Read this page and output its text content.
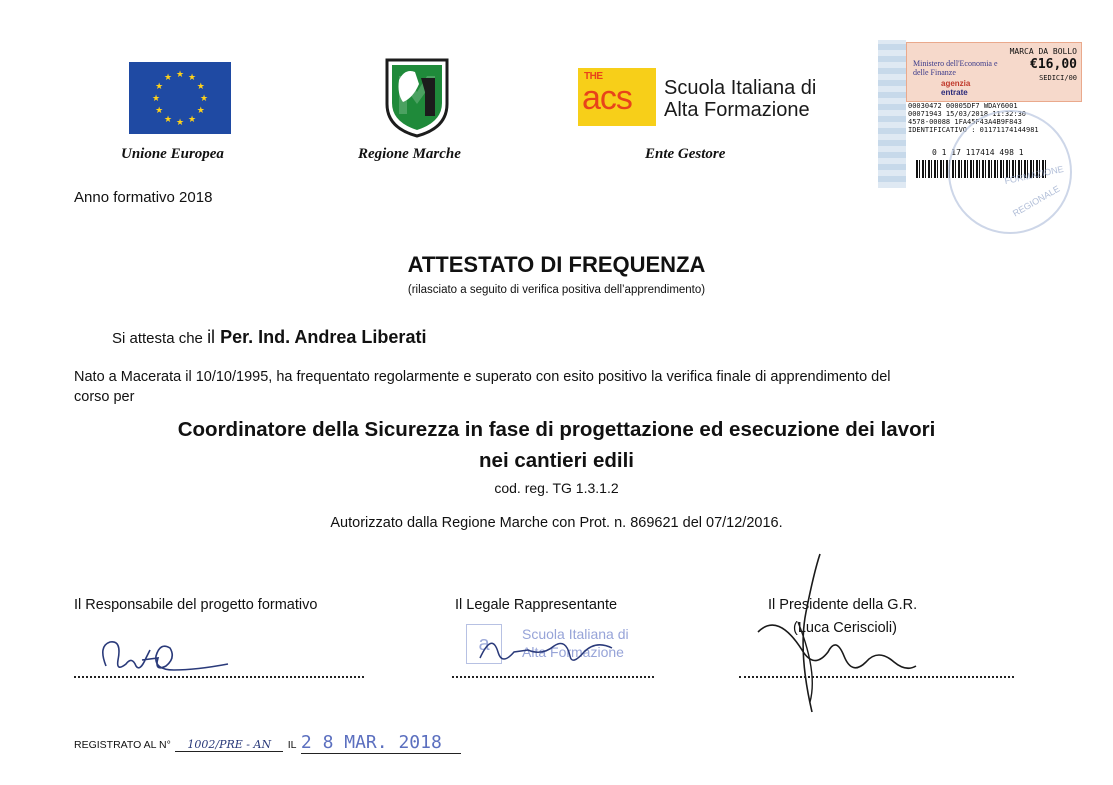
★ ★
★
★
★
★
★
★
★
★
★
★
Unione Europea	Regione Marche
THE
acs Scuola Italiana di
Alta Formazione
Ente Gestore
Ministero dell'Economia e delle Finanze
MARCA DA BOLLO
€16,00
SEDICI/00
agenzia
entrate
00030472 00005DF7 WDAY6001
00071943 15/03/2018 11:32:30
4578-00088 1FA45F43A4B9F843
IDENTIFICATIVO : 01171174144981
0 1 17 117414 498 1
FORMAZIONE
REGIONALE
Anno formativo 2018
ATTESTATO DI FREQUENZA
(rilasciato a seguito di verifica positiva dell’apprendimento)
Si attesta che il Per. Ind. Andrea Liberati
Nato a Macerata il 10/10/1995, ha frequentato regolarmente e superato con esito positivo la verifica finale di apprendimento del
corso per
Coordinatore della Sicurezza in fase di progettazione ed esecuzione dei lavori
nei cantieri edili
cod. reg. TG 1.3.1.2
Autorizzato dalla Regione Marche con Prot. n. 869621 del 07/12/2016.
Il Responsabile del progetto formativo	Il Legale Rappresentante	Il Presidente della G.R.
(Luca Ceriscioli)
a	Scuola Italiana di
Alta Formazione
REGISTRATO AL N° 1002/PRE - AN IL 2 8 MAR. 2018
